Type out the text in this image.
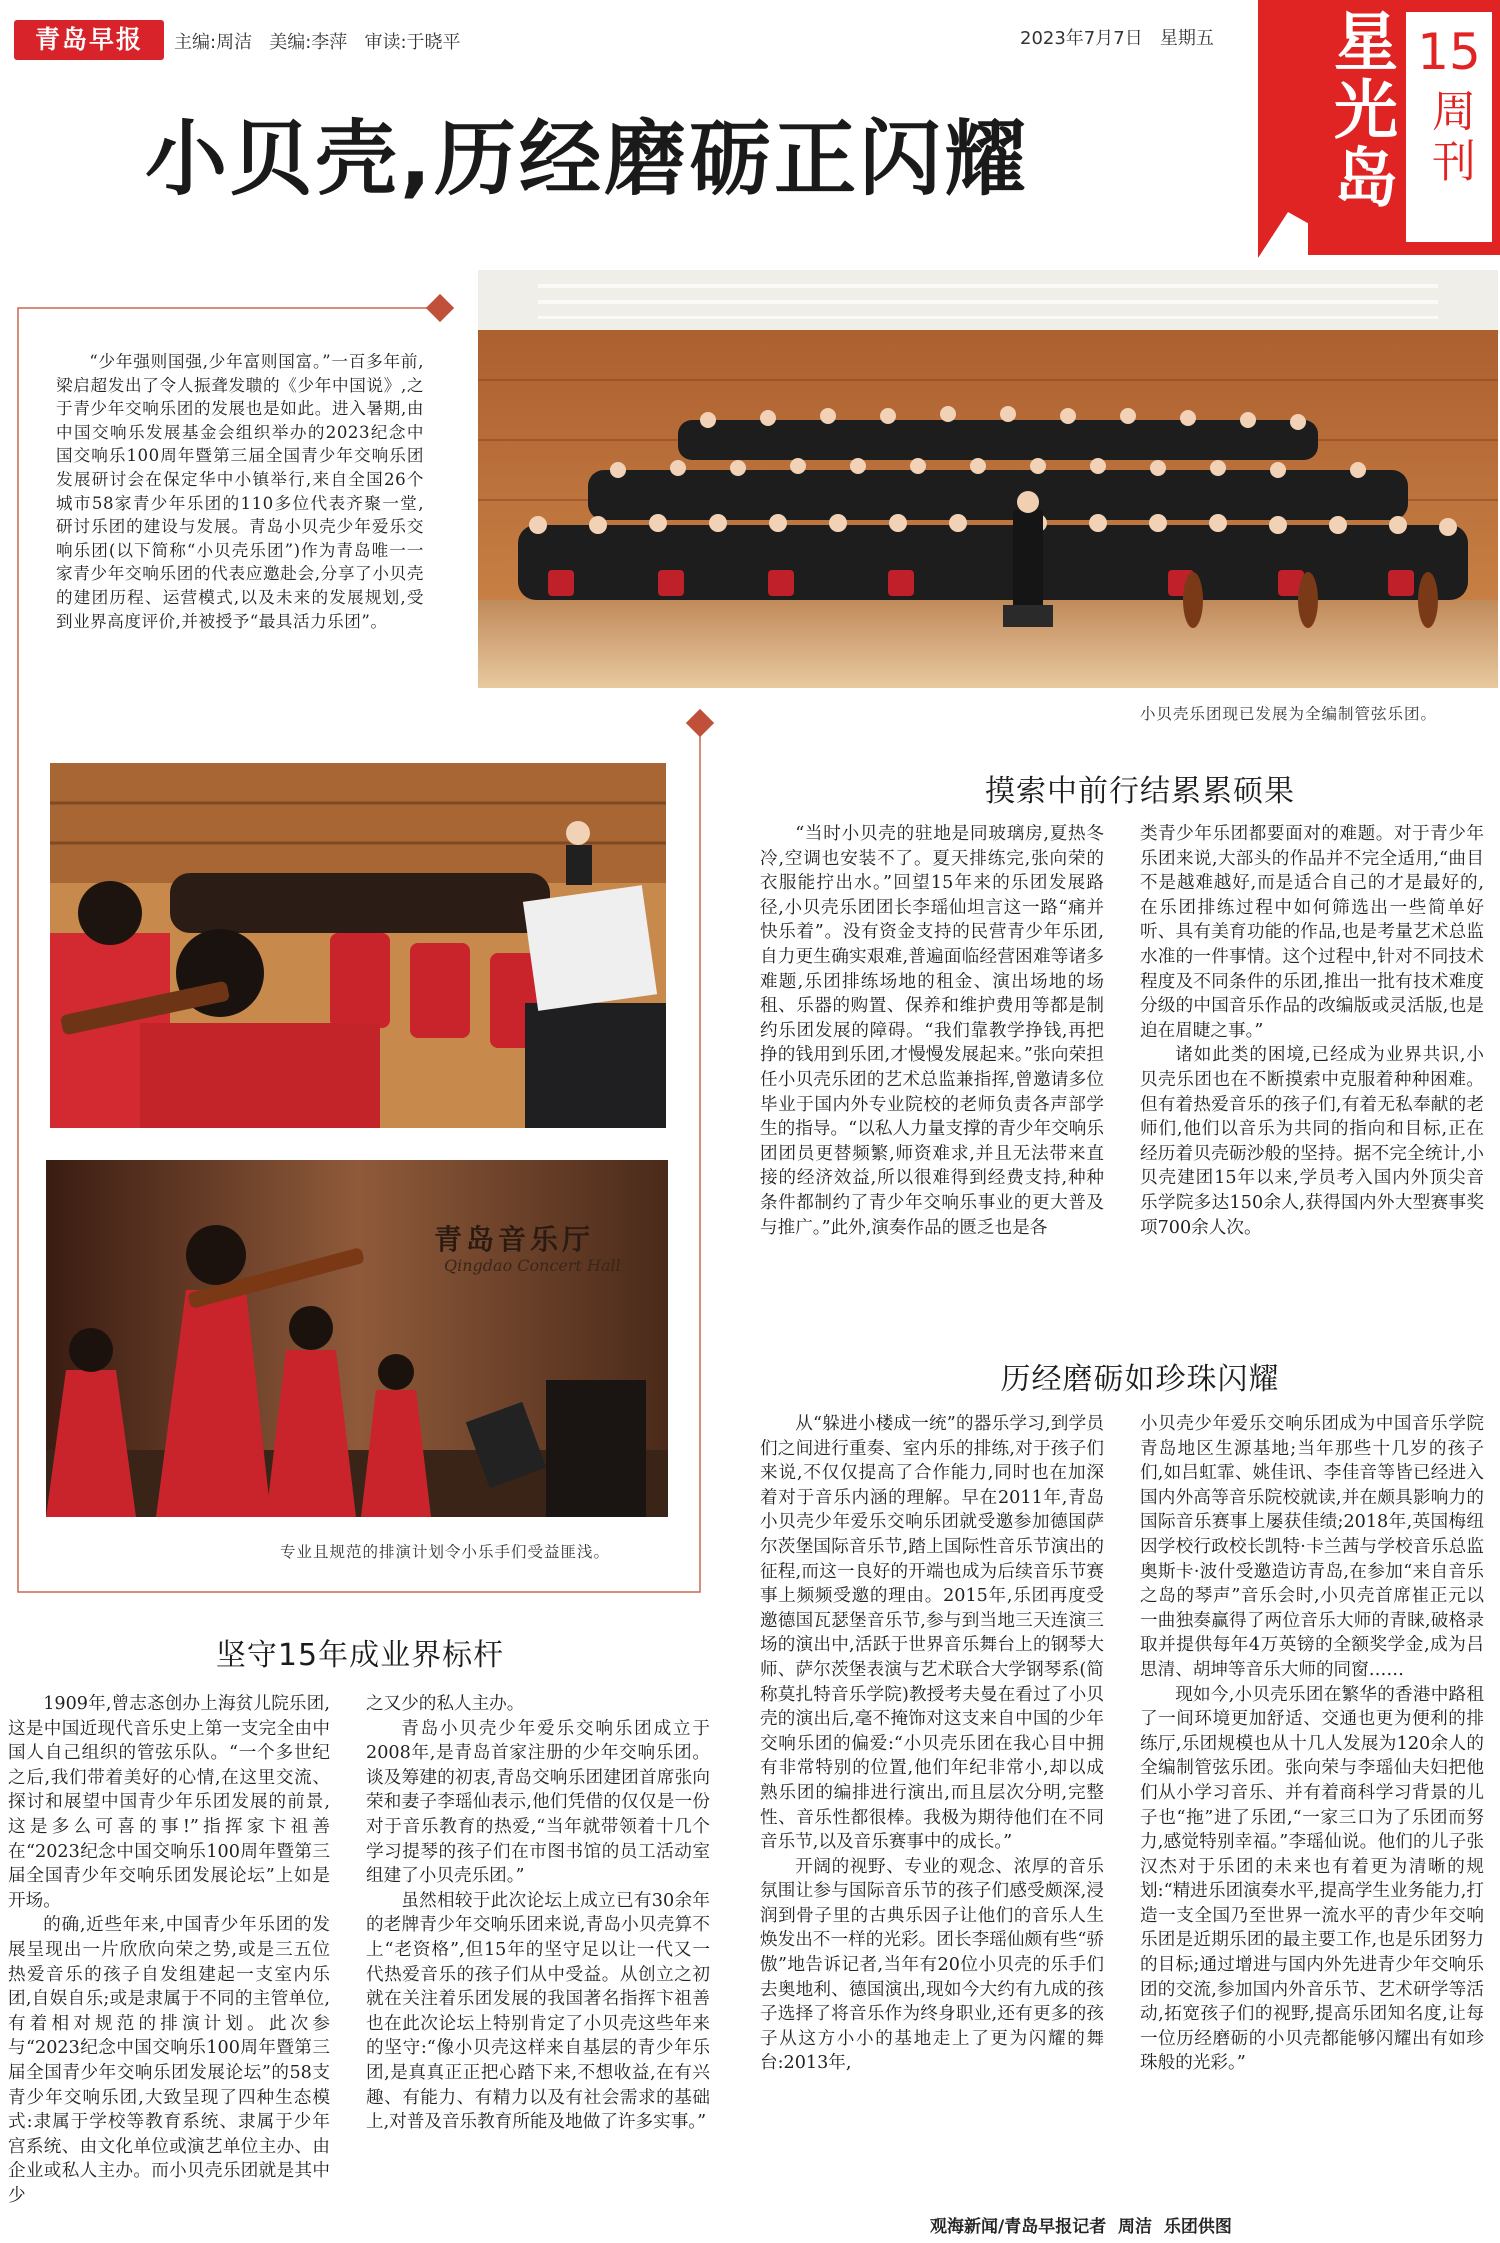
青岛早报	主编:周洁   美编:李萍   审读:于晓平	2023年7月7日   星期五 星光岛 15
周刊
小贝壳,历经磨砺正闪耀

“少年强则国强,少年富则国富。”一百多年前,梁启超发出了令人振聋发聩的《少年中国说》,之于青少年交响乐团的发展也是如此。进入暑期,由中国交响乐发展基金会组织举办的2023纪念中国交响乐100周年暨第三届全国青少年交响乐团发展研讨会在保定华中小镇举行,来自全国26个城市58家青少年乐团的110多位代表齐聚一堂,研讨乐团的建设与发展。青岛小贝壳少年爱乐交响乐团(以下简称“小贝壳乐团”)作为青岛唯一一家青少年交响乐团的代表应邀赴会,分享了小贝壳的建团历程、运营模式,以及未来的发展规划,受到业界高度评价,并被授予“最具活力乐团”。

小贝壳乐团现已发展为全编制管弦乐团。
青岛音乐厅
Qingdao Concert Hall
专业且规范的排演计划令小乐手们受益匪浅。
摸索中前行结累累硕果

“当时小贝壳的驻地是同玻璃房,夏热冬冷,空调也安装不了。夏天排练完,张向荣的衣服能拧出水。”回望15年来的乐团发展路径,小贝壳乐团团长李瑶仙坦言这一路“痛并快乐着”。没有资金支持的民营青少年乐团,自力更生确实艰难,普遍面临经营困难等诸多难题,乐团排练场地的租金、演出场地的场租、乐器的购置、保养和维护费用等都是制约乐团发展的障碍。“我们靠教学挣钱,再把挣的钱用到乐团,才慢慢发展起来。”张向荣担任小贝壳乐团的艺术总监兼指挥,曾邀请多位毕业于国内外专业院校的老师负责各声部学生的指导。“以私人力量支撑的青少年交响乐团团员更替频繁,师资难求,并且无法带来直接的经济效益,所以很难得到经费支持,种种条件都制约了青少年交响乐事业的更大普及与推广。”此外,演奏作品的匮乏也是各

类青少年乐团都要面对的难题。对于青少年乐团来说,大部头的作品并不完全适用,“曲目不是越难越好,而是适合自己的才是最好的,在乐团排练过程中如何筛选出一些简单好听、具有美育功能的作品,也是考量艺术总监水准的一件事情。这个过程中,针对不同技术程度及不同条件的乐团,推出一批有技术难度分级的中国音乐作品的改编版或灵活版,也是迫在眉睫之事。”

诸如此类的困境,已经成为业界共识,小贝壳乐团也在不断摸索中克服着种种困难。但有着热爱音乐的孩子们,有着无私奉献的老师们,他们以音乐为共同的指向和目标,正在经历着贝壳砺沙般的坚持。据不完全统计,小贝壳建团15年以来,学员考入国内外顶尖音乐学院多达150余人,获得国内外大型赛事奖项700余人次。

历经磨砺如珍珠闪耀

从“躲进小楼成一统”的器乐学习,到学员们之间进行重奏、室内乐的排练,对于孩子们来说,不仅仅提高了合作能力,同时也在加深着对于音乐内涵的理解。早在2011年,青岛小贝壳少年爱乐交响乐团就受邀参加德国萨尔茨堡国际音乐节,踏上国际性音乐节演出的征程,而这一良好的开端也成为后续音乐节赛事上频频受邀的理由。2015年,乐团再度受邀德国瓦瑟堡音乐节,参与到当地三天连演三场的演出中,活跃于世界音乐舞台上的钢琴大师、萨尔茨堡表演与艺术联合大学钢琴系(简称莫扎特音乐学院)教授考夫曼在看过了小贝壳的演出后,毫不掩饰对这支来自中国的少年交响乐团的偏爱:“小贝壳乐团在我心目中拥有非常特别的位置,他们年纪非常小,却以成熟乐团的编排进行演出,而且层次分明,完整性、音乐性都很棒。我极为期待他们在不同音乐节,以及音乐赛事中的成长。”

开阔的视野、专业的观念、浓厚的音乐氛围让参与国际音乐节的孩子们感受颇深,浸润到骨子里的古典乐因子让他们的音乐人生焕发出不一样的光彩。团长李瑶仙颇有些“骄傲”地告诉记者,当年有20位小贝壳的乐手们去奥地利、德国演出,现如今大约有九成的孩子选择了将音乐作为终身职业,还有更多的孩子从这方小小的基地走上了更为闪耀的舞台:2013年,

小贝壳少年爱乐交响乐团成为中国音乐学院青岛地区生源基地;当年那些十几岁的孩子们,如吕虹霏、姚佳讯、李佳音等皆已经进入国内外高等音乐院校就读,并在颇具影响力的国际音乐赛事上屡获佳绩;2018年,英国梅纽因学校行政校长凯特·卡兰茜与学校音乐总监奥斯卡·波什受邀造访青岛,在参加“来自音乐之岛的琴声”音乐会时,小贝壳首席崔正元以一曲独奏赢得了两位音乐大师的青睐,破格录取并提供每年4万英镑的全额奖学金,成为吕思清、胡坤等音乐大师的同窗……

现如今,小贝壳乐团在繁华的香港中路租了一间环境更加舒适、交通也更为便利的排练厅,乐团规模也从十几人发展为120余人的全编制管弦乐团。张向荣与李瑶仙夫妇把他们从小学习音乐、并有着商科学习背景的儿子也“拖”进了乐团,“一家三口为了乐团而努力,感觉特别幸福。”李瑶仙说。他们的儿子张汉杰对于乐团的未来也有着更为清晰的规划:“精进乐团演奏水平,提高学生业务能力,打造一支全国乃至世界一流水平的青少年交响乐团是近期乐团的最主要工作,也是乐团努力的目标;通过增进与国内外先进青少年交响乐团的交流,参加国内外音乐节、艺术研学等活动,拓宽孩子们的视野,提高乐团知名度,让每一位历经磨砺的小贝壳都能够闪耀出有如珍珠般的光彩。”

坚守15年成业界标杆

1909年,曾志忞创办上海贫儿院乐团,这是中国近现代音乐史上第一支完全由中国人自己组织的管弦乐队。“一个多世纪之后,我们带着美好的心情,在这里交流、探讨和展望中国青少年乐团发展的前景,这是多么可喜的事!”指挥家卞祖善在“2023纪念中国交响乐100周年暨第三届全国青少年交响乐团发展论坛”上如是开场。

的确,近些年来,中国青少年乐团的发展呈现出一片欣欣向荣之势,或是三五位热爱音乐的孩子自发组建起一支室内乐团,自娱自乐;或是隶属于不同的主管单位,有着相对规范的排演计划。此次参与“2023纪念中国交响乐100周年暨第三届全国青少年交响乐团发展论坛”的58支青少年交响乐团,大致呈现了四种生态模式:隶属于学校等教育系统、隶属于少年宫系统、由文化单位或演艺单位主办、由企业或私人主办。而小贝壳乐团就是其中少

之又少的私人主办。

青岛小贝壳少年爱乐交响乐团成立于2008年,是青岛首家注册的少年交响乐团。谈及筹建的初衷,青岛交响乐团建团首席张向荣和妻子李瑶仙表示,他们凭借的仅仅是一份对于音乐教育的热爱,“当年就带领着十几个学习提琴的孩子们在市图书馆的员工活动室组建了小贝壳乐团。”

虽然相较于此次论坛上成立已有30余年的老牌青少年交响乐团来说,青岛小贝壳算不上“老资格”,但15年的坚守足以让一代又一代热爱音乐的孩子们从中受益。从创立之初就在关注着乐团发展的我国著名指挥卞祖善也在此次论坛上特别肯定了小贝壳这些年来的坚守:“像小贝壳这样来自基层的青少年乐团,是真真正正把心踏下来,不想收益,在有兴趣、有能力、有精力以及有社会需求的基础上,对普及音乐教育所能及地做了许多实事。”

观海新闻/青岛早报记者  周洁  乐团供图
